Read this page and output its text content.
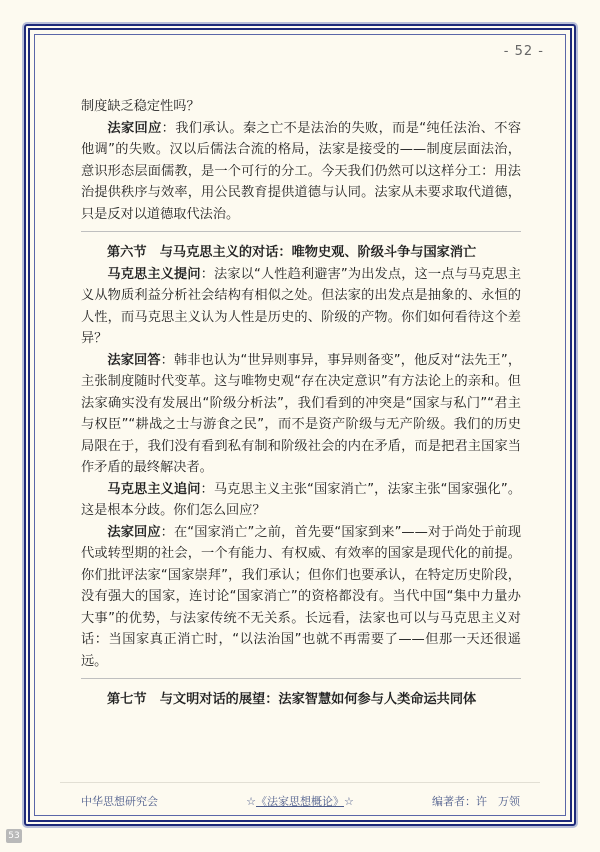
- 52 -

制度缺乏稳定性吗？

法家回应：我们承认。秦之亡不是法治的失败，而是“纯任法治、不容他调”的失败。汉以后儒法合流的格局，法家是接受的——制度层面法治，意识形态层面儒教，是一个可行的分工。今天我们仍然可以这样分工：用法治提供秩序与效率，用公民教育提供道德与认同。法家从未要求取代道德，只是反对以道德取代法治。

第六节　与马克思主义的对话：唯物史观、阶级斗争与国家消亡

马克思主义提问：法家以“人性趋利避害”为出发点，这一点与马克思主义从物质利益分析社会结构有相似之处。但法家的出发点是抽象的、永恒的人性，而马克思主义认为人性是历史的、阶级的产物。你们如何看待这个差异？

法家回答：韩非也认为“世异则事异，事异则备变”，他反对“法先王”，主张制度随时代变革。这与唯物史观“存在决定意识”有方法论上的亲和。但法家确实没有发展出“阶级分析法”，我们看到的冲突是“国家与私门”“君主与权臣”“耕战之士与游食之民”，而不是资产阶级与无产阶级。我们的历史局限在于，我们没有看到私有制和阶级社会的内在矛盾，而是把君主国家当作矛盾的最终解决者。

马克思主义追问：马克思主义主张“国家消亡”，法家主张“国家强化”。这是根本分歧。你们怎么回应？

法家回应：在“国家消亡”之前，首先要“国家到来”——对于尚处于前现代或转型期的社会，一个有能力、有权威、有效率的国家是现代化的前提。你们批评法家“国家崇拜”，我们承认；但你们也要承认，在特定历史阶段，没有强大的国家，连讨论“国家消亡”的资格都没有。当代中国“集中力量办大事”的优势，与法家传统不无关系。长远看，法家也可以与马克思主义对话：当国家真正消亡时，“以法治国”也就不再需要了——但那一天还很遥远。

第七节　与文明对话的展望：法家智慧如何参与人类命运共同体

中华思想研究会	☆《法家思想概论》☆	编著者：许　万领
53
